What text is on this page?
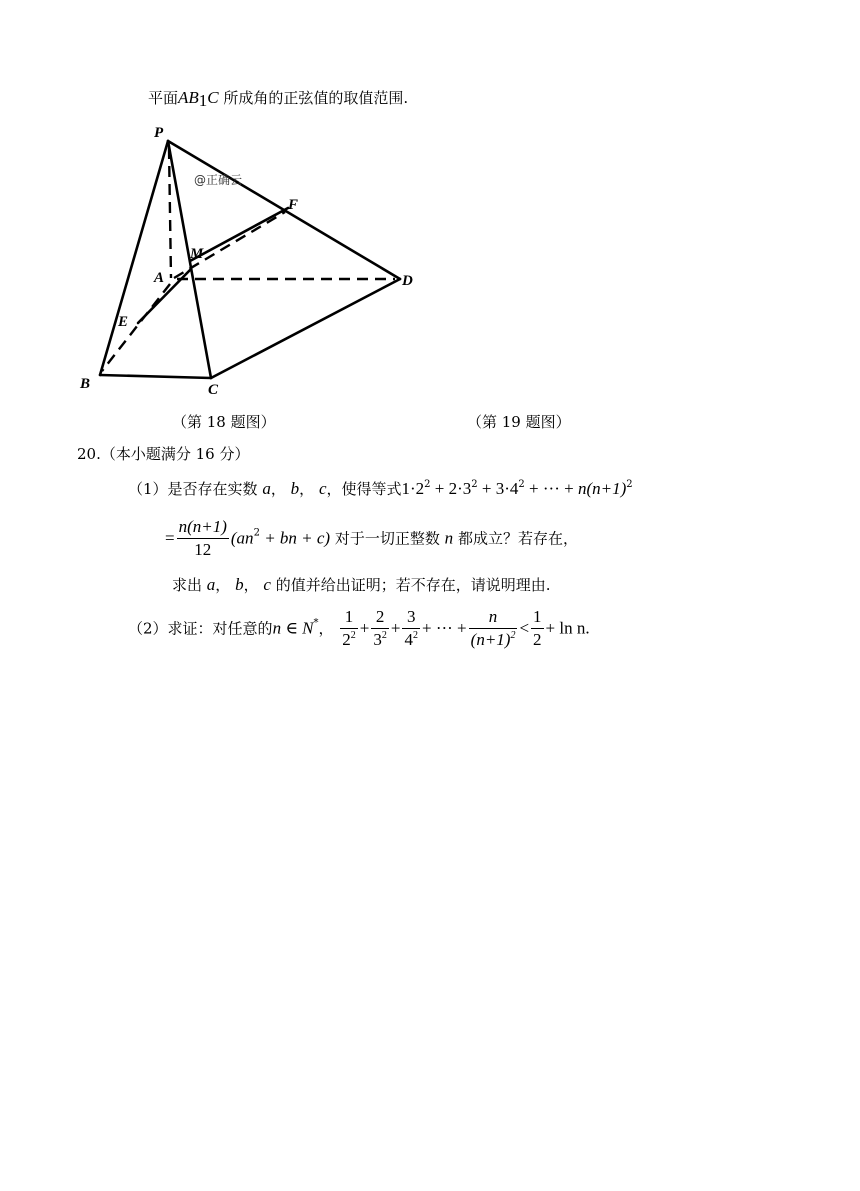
平面$AB_1C$ 所成角的正弦值的取值范围.
P
F
M
A	D
E
B	C
@正确云
（第 18 题图）	（第 19 题图）
20.（本小题满分 16 分）
（1）是否存在实数 a， b， c，使得等式$1\cdot 2^2 + 2\cdot 3^2 + 3\cdot 4^2$ + ··· + $n(n+1)^2$
= $\frac{n(n+1)}{12} (an^2$ + bn + c) 对于一切正整数 n 都成立？若存在，
求出 a， b， c 的值并给出证明；若不存在，请说明理由.
（2）求证：对任意的n ∈ N*， $\frac{1}{2^2} + \frac{2}{3^2} + \frac{3}{4^2}$ + ··· + $\frac{n}{(n+1)^2} < \frac{1}{2} + \ln n$.
